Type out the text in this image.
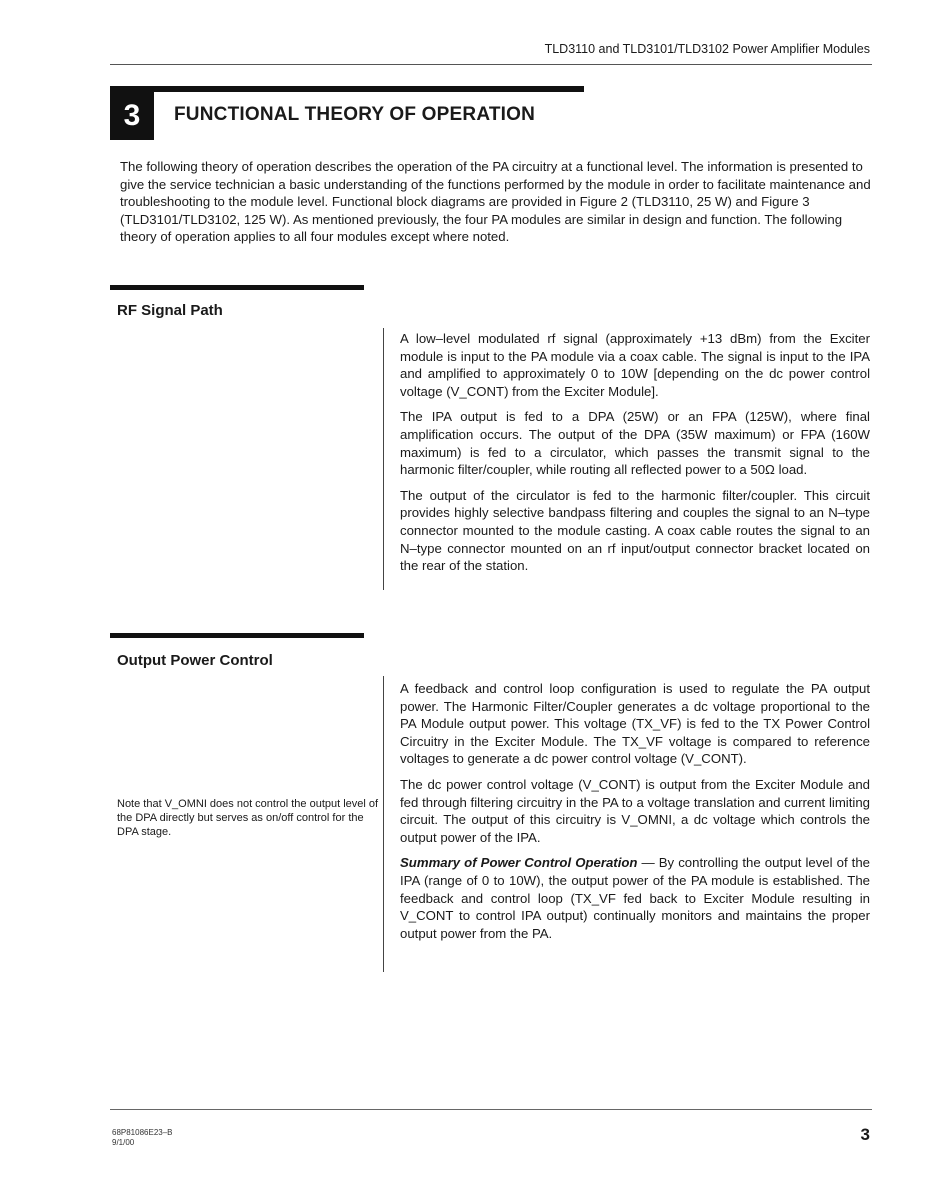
TLD3110 and TLD3101/TLD3102 Power Amplifier Modules
3	FUNCTIONAL THEORY OF OPERATION
The following theory of operation describes the operation of the PA circuitry at a functional level. The information is presented to give the service technician a basic understanding of the functions performed by the module in order to facilitate maintenance and troubleshooting to the module level. Functional block diagrams are provided in Figure 2 (TLD3110, 25 W) and Figure 3 (TLD3101/TLD3102, 125 W). As mentioned previously, the four PA modules are similar in design and function. The following theory of operation applies to all four modules except where noted.
RF Signal Path

A low–level modulated rf signal (approximately +13 dBm) from the Exciter module is input to the PA module via a coax cable. The signal is input to the IPA and amplified to approximately 0 to 10W [depending on the dc power control voltage (V_CONT) from the Exciter Module].

The IPA output is fed to a DPA (25W) or an FPA (125W), where final amplification occurs. The output of the DPA (35W maximum) or FPA (160W maximum) is fed to a circulator, which passes the transmit signal to the harmonic filter/coupler, while routing all reflected power to a 50Ω load.

The output of the circulator is fed to the harmonic filter/coupler. This circuit provides highly selective bandpass filtering and couples the signal to an N–type connector mounted to the module casting. A coax cable routes the signal to an N–type connector mounted on an rf input/output connector bracket located on the rear of the station.

Output Power Control
Note that V_OMNI does not control the output level of the DPA directly but serves as on/off control for the DPA stage.

A feedback and control loop configuration is used to regulate the PA output power. The Harmonic Filter/Coupler generates a dc voltage proportional to the PA Module output power. This voltage (TX_VF) is fed to the TX Power Control Circuitry in the Exciter Module. The TX_VF voltage is compared to reference voltages to generate a dc power control voltage (V_CONT).

The dc power control voltage (V_CONT) is output from the Exciter Module and fed through filtering circuitry in the PA to a voltage translation and current limiting circuit. The output of this circuitry is V_OMNI, a dc voltage which controls the output power of the IPA.

Summary of Power Control Operation — By controlling the output level of the IPA (range of 0 to 10W), the output power of the PA module is established. The feedback and control loop (TX_VF fed back to Exciter Module resulting in V_CONT to control IPA output) continually monitors and maintains the proper output power from the PA.

68P81086E23–B
9/1/00	3
